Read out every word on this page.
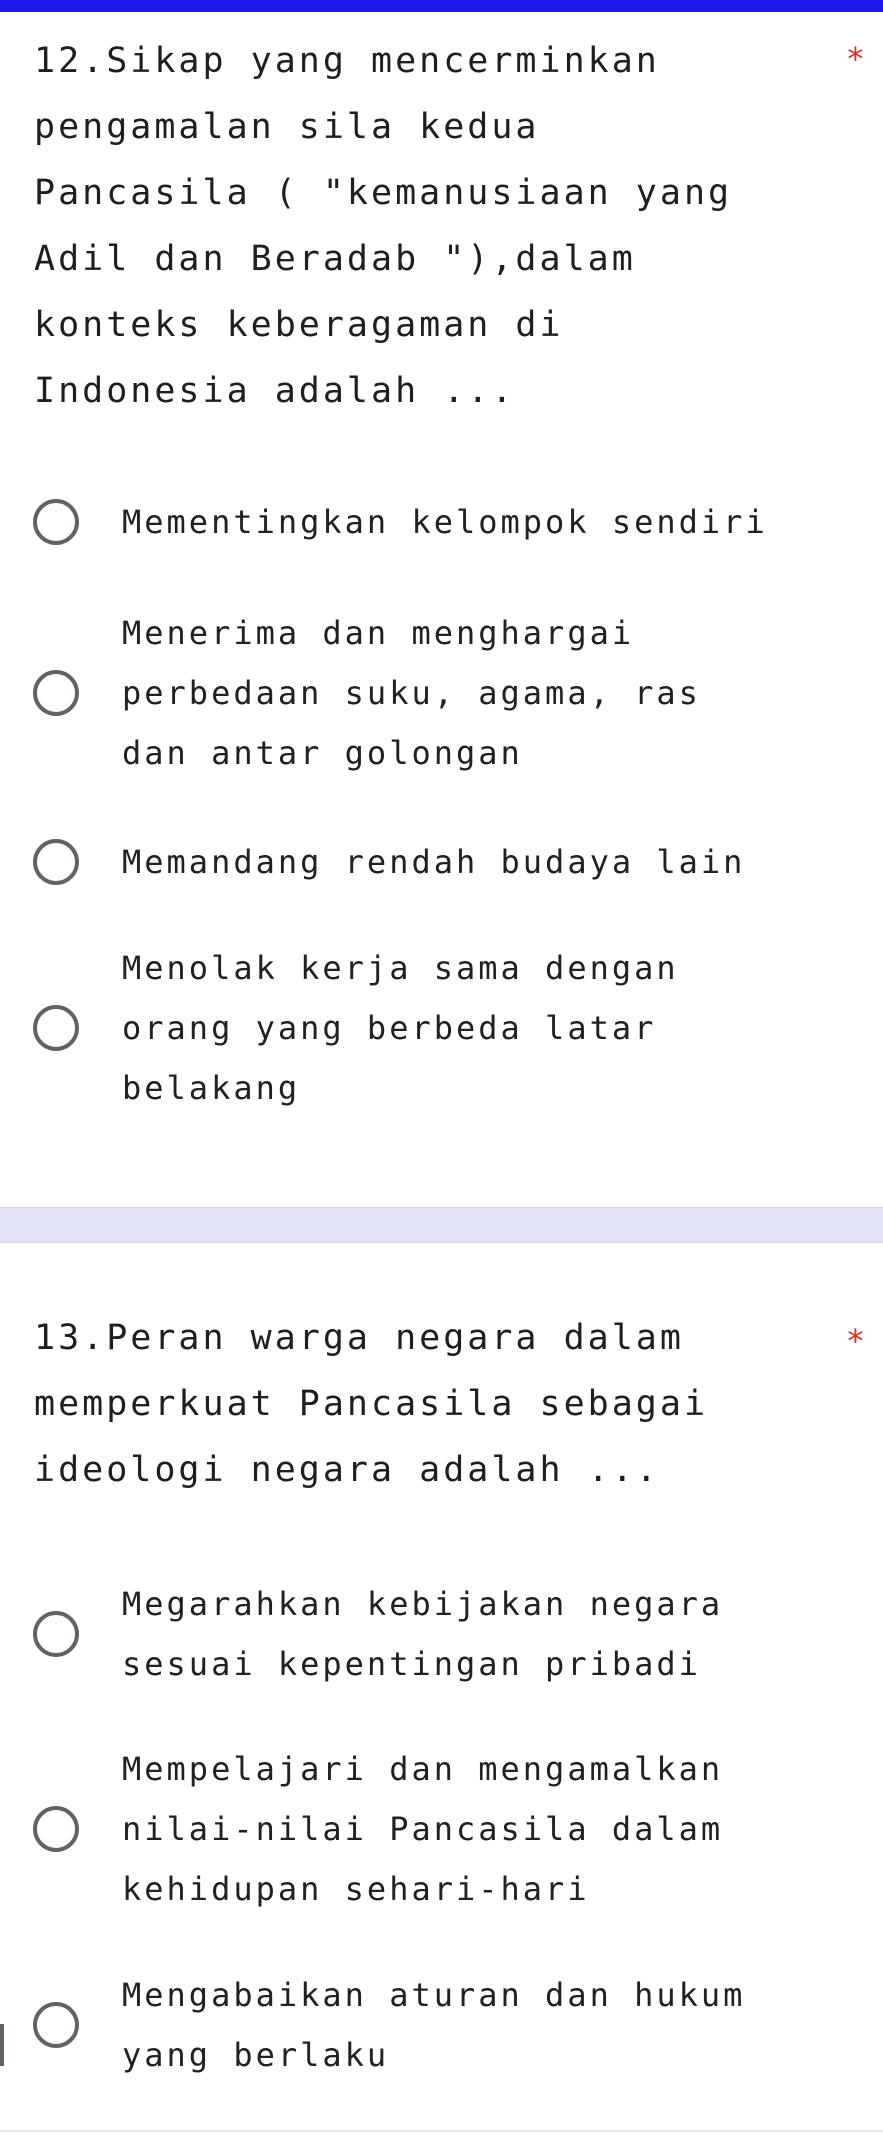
12.Sikap yang mencerminkan
pengamalan sila kedua
Pancasila ( "kemanusiaan yang
Adil dan Beradab "),dalam
konteks keberagaman di
Indonesia adalah ...
*
Mementingkan kelompok sendiri
Menerima dan menghargai
perbedaan suku, agama, ras
dan antar golongan
Memandang rendah budaya lain
Menolak kerja sama dengan
orang yang berbeda latar
belakang
13.Peran warga negara dalam
memperkuat Pancasila sebagai
ideologi negara adalah ...
*
Megarahkan kebijakan negara
sesuai kepentingan pribadi
Mempelajari dan mengamalkan
nilai-nilai Pancasila dalam
kehidupan sehari-hari
Mengabaikan aturan dan hukum
yang berlaku
